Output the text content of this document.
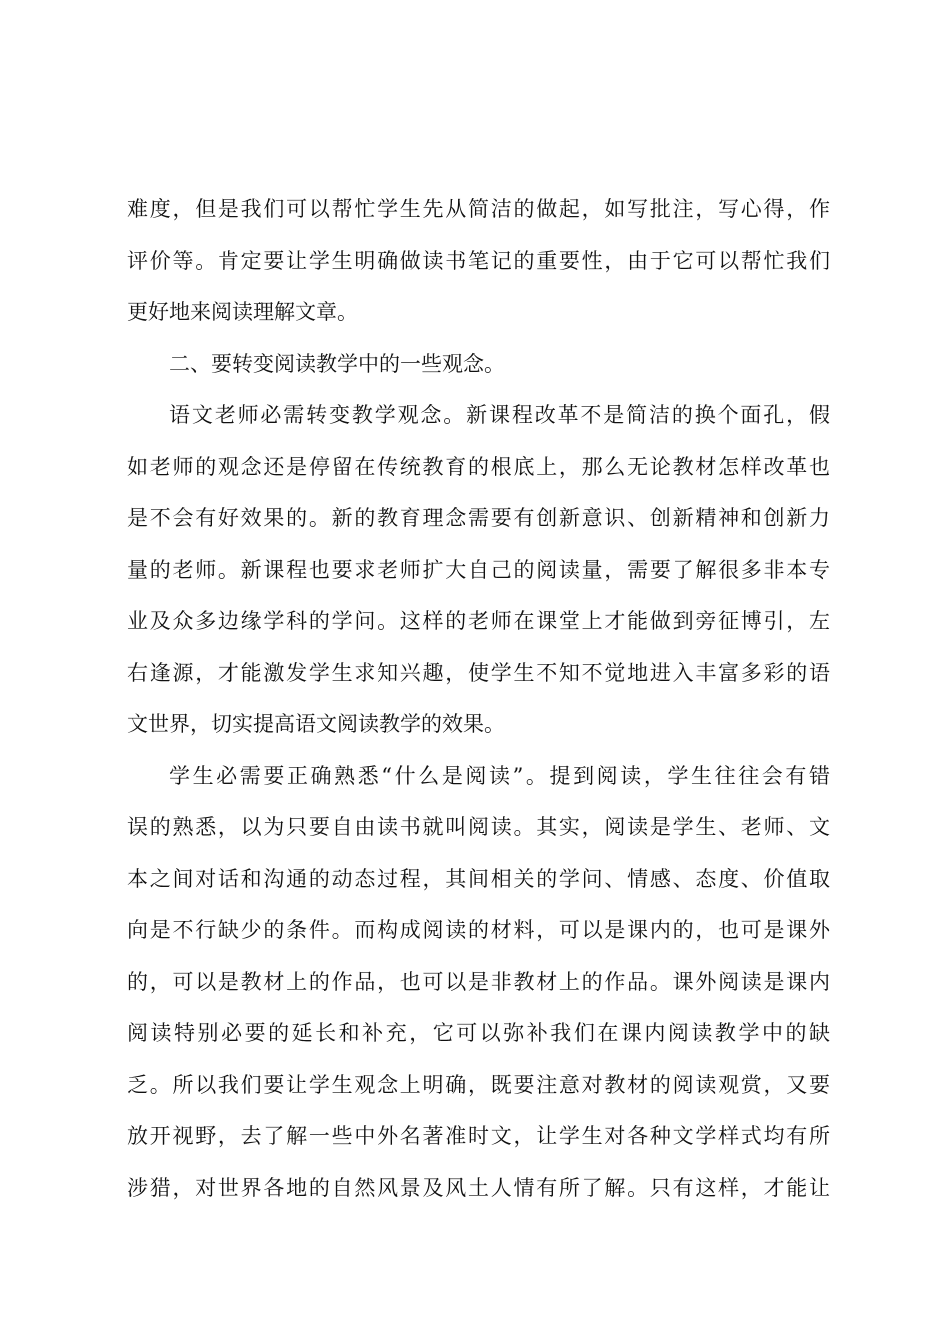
难度，但是我们可以帮忙学生先从简洁的做起，如写批注，写心得，作
评价等。肯定要让学生明确做读书笔记的重要性，由于它可以帮忙我们
更好地来阅读理解文章。
二、要转变阅读教学中的一些观念。
语文老师必需转变教学观念。新课程改革不是简洁的换个面孔，假
如老师的观念还是停留在传统教育的根底上，那么无论教材怎样改革也
是不会有好效果的。新的教育理念需要有创新意识、创新精神和创新力
量的老师。新课程也要求老师扩大自己的阅读量，需要了解很多非本专
业及众多边缘学科的学问。这样的老师在课堂上才能做到旁征博引，左
右逢源，才能激发学生求知兴趣，使学生不知不觉地进入丰富多彩的语
文世界，切实提高语文阅读教学的效果。
学生必需要正确熟悉“什么是阅读”。提到阅读，学生往往会有错
误的熟悉，以为只要自由读书就叫阅读。其实，阅读是学生、老师、文
本之间对话和沟通的动态过程，其间相关的学问、情感、态度、价值取
向是不行缺少的条件。而构成阅读的材料，可以是课内的，也可是课外
的，可以是教材上的作品，也可以是非教材上的作品。课外阅读是课内
阅读特别必要的延长和补充，它可以弥补我们在课内阅读教学中的缺
乏。所以我们要让学生观念上明确，既要注意对教材的阅读观赏，又要
放开视野，去了解一些中外名著准时文，让学生对各种文学样式均有所
涉猎，对世界各地的自然风景及风土人情有所了解。只有这样，才能让
